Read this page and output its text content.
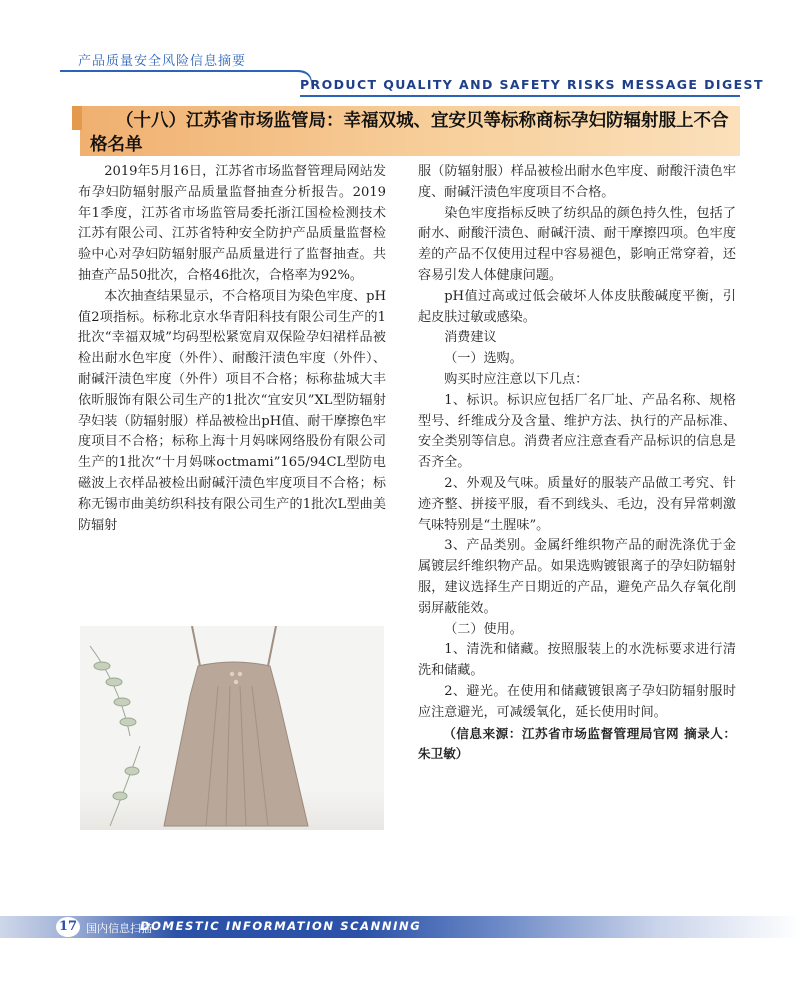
产品质量安全风险信息摘要
PRODUCT QUALITY AND SAFETY RISKS MESSAGE DIGEST
（十八）江苏省市场监管局：幸福双城、宜安贝等标称商标孕妇防辐射服上不合格名单

2019年5月16日，江苏省市场监督管理局网站发布孕妇防辐射服产品质量监督抽查分析报告。2019年1季度，江苏省市场监管局委托浙江国检检测技术江苏有限公司、江苏省特种安全防护产品质量监督检验中心对孕妇防辐射服产品质量进行了监督抽查。共抽查产品50批次，合格46批次，合格率为92%。

本次抽查结果显示，不合格项目为染色牢度、pH值2项指标。标称北京水华青阳科技有限公司生产的1批次“幸福双城”均码型松紧宽肩双保险孕妇裙样品被检出耐水色牢度（外件）、耐酸汗渍色牢度（外件）、耐碱汗渍色牢度（外件）项目不合格；标称盐城大丰依昕服饰有限公司生产的1批次“宜安贝”XL型防辐射孕妇装（防辐射服）样品被检出pH值、耐干摩擦色牢度项目不合格；标称上海十月妈咪网络股份有限公司生产的1批次“十月妈咪octmami”165/94CL型防电磁波上衣样品被检出耐碱汗渍色牢度项目不合格；标称无锡市曲美纺织科技有限公司生产的1批次L型曲美防辐射

服（防辐射服）样品被检出耐水色牢度、耐酸汗渍色牢度、耐碱汗渍色牢度项目不合格。

染色牢度指标反映了纺织品的颜色持久性，包括了耐水、耐酸汗渍色、耐碱汗渍、耐干摩擦四项。色牢度差的产品不仅使用过程中容易褪色，影响正常穿着，还容易引发人体健康问题。

pH值过高或过低会破坏人体皮肤酸碱度平衡，引起皮肤过敏或感染。

消费建议

（一）选购。

购买时应注意以下几点：

1、标识。标识应包括厂名厂址、产品名称、规格型号、纤维成分及含量、维护方法、执行的产品标准、安全类别等信息。消费者应注意查看产品标识的信息是否齐全。

2、外观及气味。质量好的服装产品做工考究、针迹齐整、拼接平服，看不到线头、毛边，没有异常刺激气味特别是“土腥味”。

3、产品类别。金属纤维织物产品的耐洗涤优于金属镀层纤维织物产品。如果选购镀银离子的孕妇防辐射服，建议选择生产日期近的产品，避免产品久存氧化削弱屏蔽能效。

（二）使用。

1、清洗和储藏。按照服装上的水洗标要求进行清洗和储藏。

2、避光。在使用和储藏镀银离子孕妇防辐射服时应注意避光，可减缓氧化，延长使用时间。

（信息来源：江苏省市场监督管理局官网 摘录人：朱卫敏）

17 国内信息扫描
DOMESTIC INFORMATION SCANNING
